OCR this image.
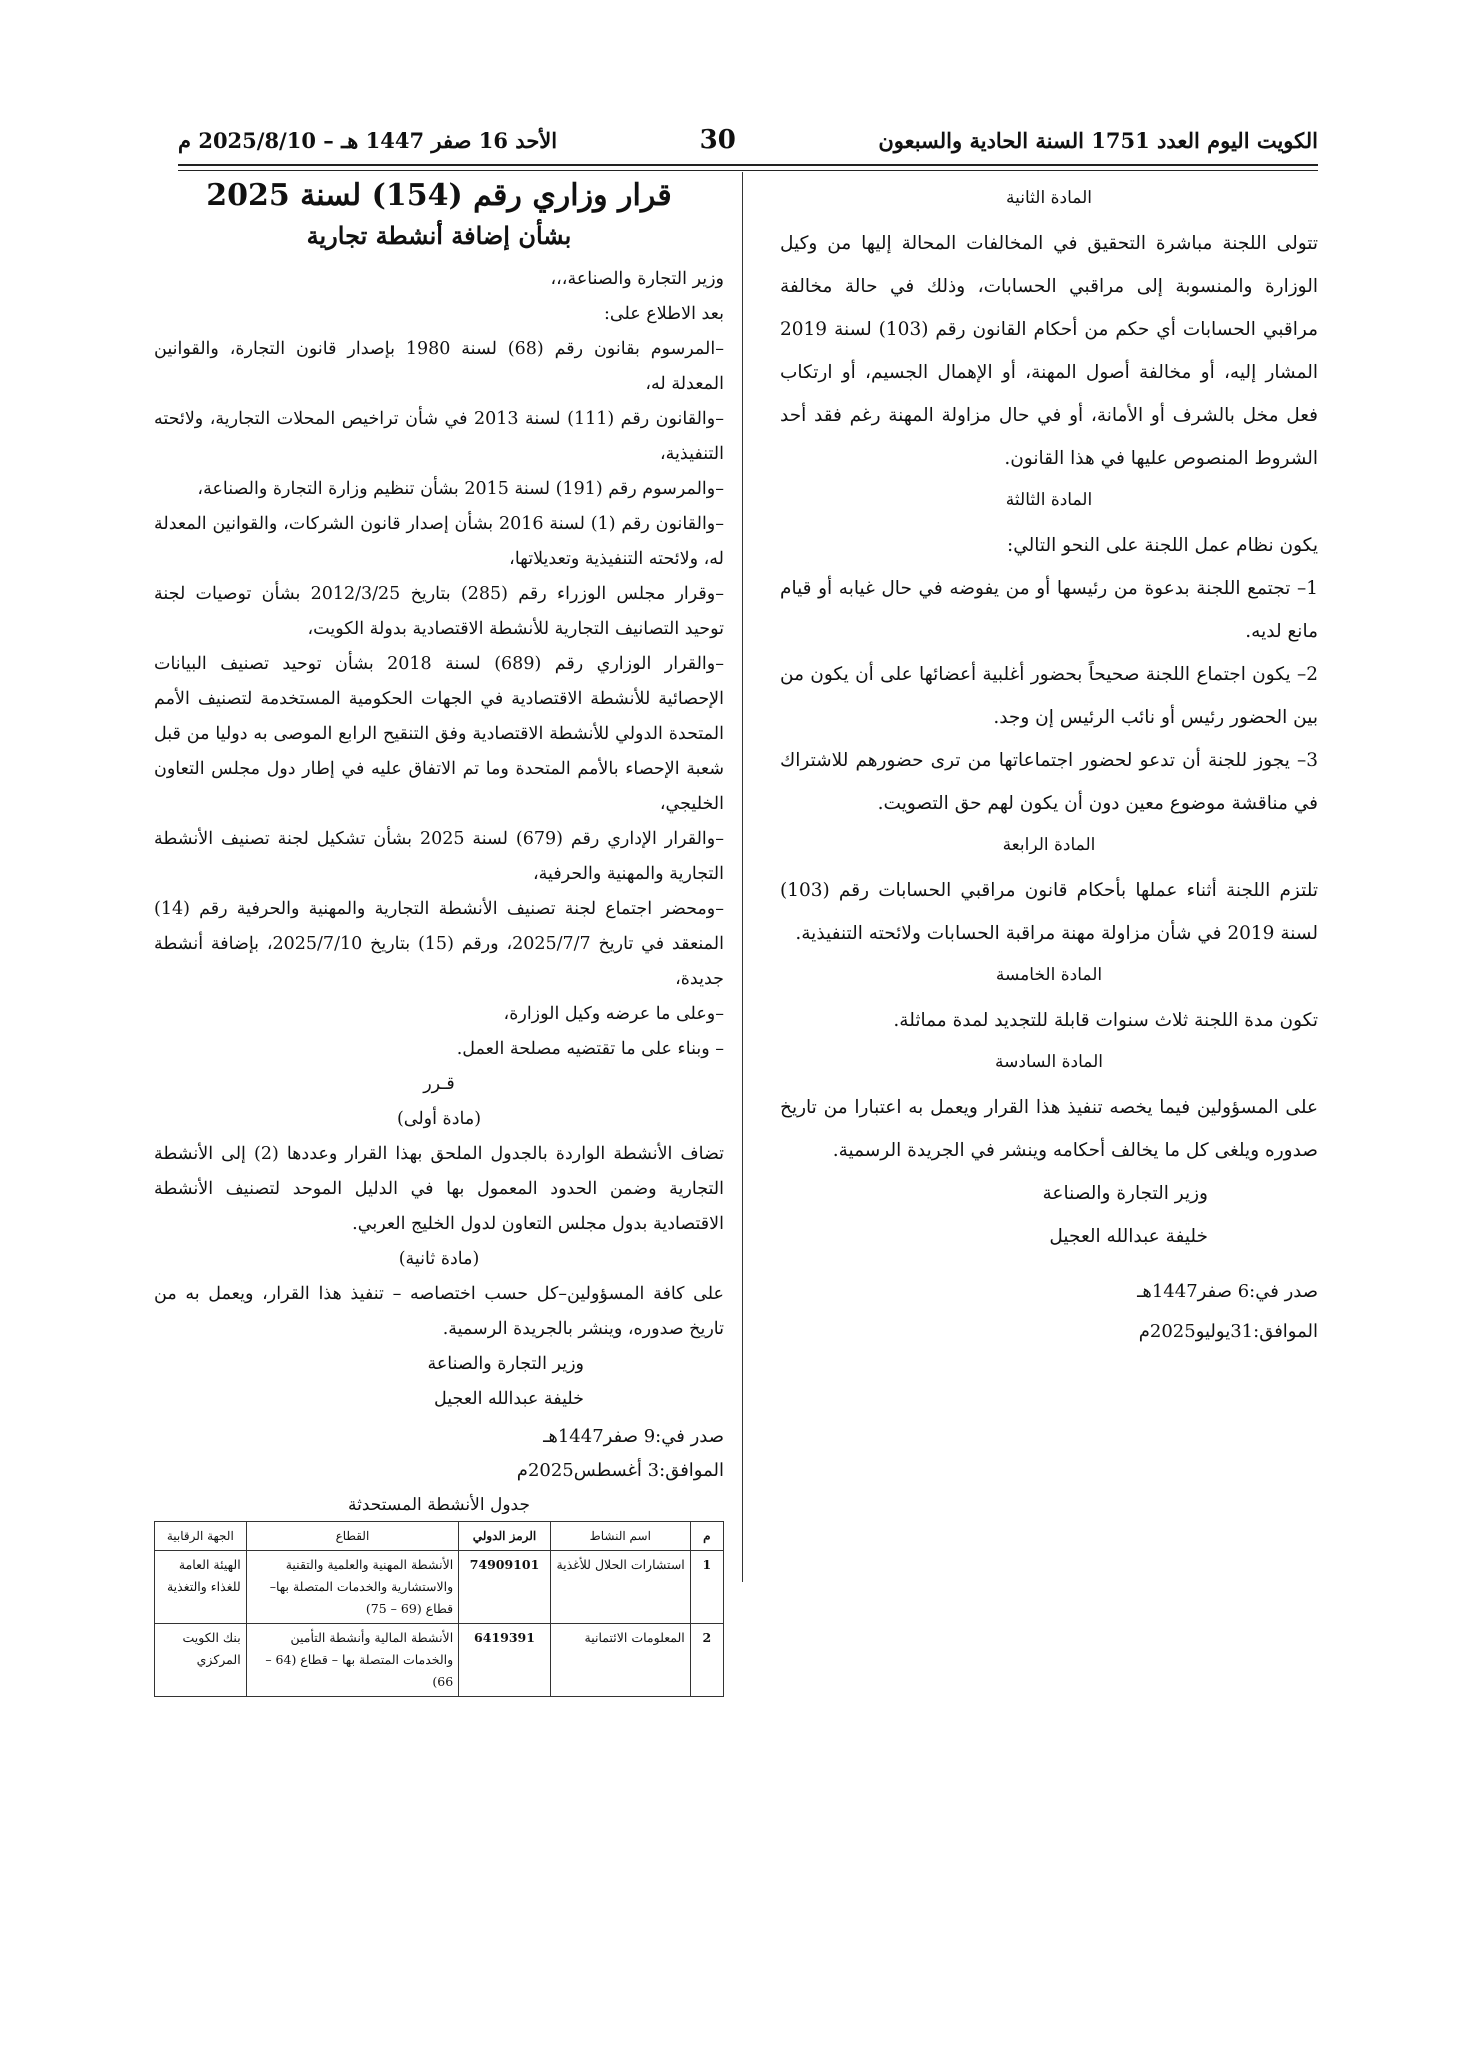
الكويت اليوم العدد 1751 السنة الحادية والسبعون
30
الأحد 16 صفر 1447 هـ – 2025/8/10 م
المادة الثانية

تتولى اللجنة مباشرة التحقيق في المخالفات المحالة إليها من وكيل الوزارة والمنسوبة إلى مراقبي الحسابات، وذلك في حالة مخالفة مراقبي الحسابات أي حكم من أحكام القانون رقم (103) لسنة 2019 المشار إليه، أو مخالفة أصول المهنة، أو الإهمال الجسيم، أو ارتكاب فعل مخل بالشرف أو الأمانة، أو في حال مزاولة المهنة رغم فقد أحد الشروط المنصوص عليها في هذا القانون.

المادة الثالثة

يكون نظام عمل اللجنة على النحو التالي:

1– تجتمع اللجنة بدعوة من رئيسها أو من يفوضه في حال غيابه أو قيام مانع لديه.

2– يكون اجتماع اللجنة صحيحاً بحضور أغلبية أعضائها على أن يكون من بين الحضور رئيس أو نائب الرئيس إن وجد.

3– يجوز للجنة أن تدعو لحضور اجتماعاتها من ترى حضورهم للاشتراك في مناقشة موضوع معين دون أن يكون لهم حق التصويت.

المادة الرابعة

تلتزم اللجنة أثناء عملها بأحكام قانون مراقبي الحسابات رقم (103) لسنة 2019 في شأن مزاولة مهنة مراقبة الحسابات ولائحته التنفيذية.

المادة الخامسة

تكون مدة اللجنة ثلاث سنوات قابلة للتجديد لمدة مماثلة.

المادة السادسة

على المسؤولين فيما يخصه تنفيذ هذا القرار ويعمل به اعتبارا من تاريخ صدوره ويلغى كل ما يخالف أحكامه وينشر في الجريدة الرسمية.

وزير التجارة والصناعة

خليفة عبدالله العجيل

صدر في:6 صفر1447هـ

الموافق:31يوليو2025م

قرار وزاري رقم (154) لسنة 2025
بشأن إضافة أنشطة تجارية

وزير التجارة والصناعة،،،

بعد الاطلاع على:

–المرسوم بقانون رقم (68) لسنة 1980 بإصدار قانون التجارة، والقوانين المعدلة له،

–والقانون رقم (111) لسنة 2013 في شأن تراخيص المحلات التجارية، ولائحته التنفيذية،

–والمرسوم رقم (191) لسنة 2015 بشأن تنظيم وزارة التجارة والصناعة،

–والقانون رقم (1) لسنة 2016 بشأن إصدار قانون الشركات، والقوانين المعدلة له، ولائحته التنفيذية وتعديلاتها،

–وقرار مجلس الوزراء رقم (285) بتاريخ 2012/3/25 بشأن توصيات لجنة توحيد التصانيف التجارية للأنشطة الاقتصادية بدولة الكويت،

–والقرار الوزاري رقم (689) لسنة 2018 بشأن توحيد تصنيف البيانات الإحصائية للأنشطة الاقتصادية في الجهات الحكومية المستخدمة لتصنيف الأمم المتحدة الدولي للأنشطة الاقتصادية وفق التنقيح الرابع الموصى به دوليا من قبل شعبة الإحصاء بالأمم المتحدة وما تم الاتفاق عليه في إطار دول مجلس التعاون الخليجي،

–والقرار الإداري رقم (679) لسنة 2025 بشأن تشكيل لجنة تصنيف الأنشطة التجارية والمهنية والحرفية،

–ومحضر اجتماع لجنة تصنيف الأنشطة التجارية والمهنية والحرفية رقم (14) المنعقد في تاريخ 2025/7/7، ورقم (15) بتاريخ 2025/7/10، بإضافة أنشطة جديدة،

–وعلى ما عرضه وكيل الوزارة،

– وبناء على ما تقتضيه مصلحة العمل.

قـرر

(مادة أولى)

تضاف الأنشطة الواردة بالجدول الملحق بهذا القرار وعددها (2) إلى الأنشطة التجارية وضمن الحدود المعمول بها في الدليل الموحد لتصنيف الأنشطة الاقتصادية بدول مجلس التعاون لدول الخليج العربي.

(مادة ثانية)

على كافة المسؤولين–كل حسب اختصاصه – تنفيذ هذا القرار، ويعمل به من تاريخ صدوره، وينشر بالجريدة الرسمية.

وزير التجارة والصناعة

خليفة عبدالله العجيل

صدر في:9 صفر1447هـ

الموافق:3 أغسطس2025م

جدول الأنشطة المستحدثة
م	اسم النشاط	الرمز الدولي	القطاع	الجهة الرقابية
1	استشارات الحلال للأغذية	74909101	الأنشطة المهنية والعلمية والتقنية والاستشارية والخدمات المتصلة بها– قطاع (69 – 75)	الهيئة العامة للغذاء والتغذية
2	المعلومات الائتمانية	6419391	الأنشطة المالية وأنشطة التأمين والخدمات المتصلة بها – قطاع (64 – 66)	بنك الكويت المركزي
